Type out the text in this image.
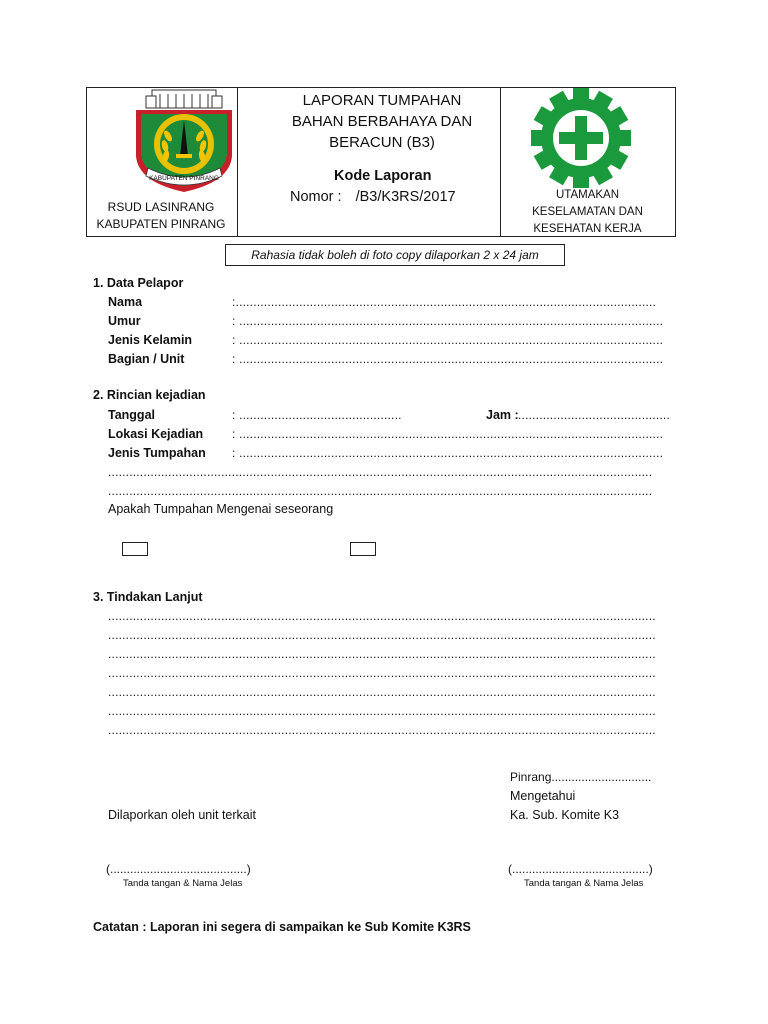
KABUPATEN PINRANG
RSUD LASINRANG
KABUPATEN PINRANG
LAPORAN TUMPAHAN
BAHAN BERBAHAYA DAN
BERACUN (B3)
Kode Laporan
Nomor : /B3/K3RS/2017	UTAMAKAN
KESELAMATAN DAN
KESEHATAN KERJA
Rahasia tidak boleh di foto copy dilaporkan 2 x 24 jam
1. Data Pelapor
Nama	:.......................................................................................................................
Umur	: ........................................................................................................................
Jenis Kelamin	: ........................................................................................................................
Bagian / Unit	: ........................................................................................................................
2. Rincian kejadian
Tanggal	: ..............................................	Jam : ...........................................
Lokasi Kejadian : ........................................................................................................................
Jenis Tumpahan : ........................................................................................................................
..........................................................................................................................................................
..........................................................................................................................................................
Apakah Tumpahan Mengenai seseorang
3. Tindakan Lanjut
...........................................................................................................................................................
...........................................................................................................................................................
...........................................................................................................................................................
...........................................................................................................................................................
...........................................................................................................................................................
...........................................................................................................................................................
...........................................................................................................................................................
Pinrang..............................
Mengetahui
Dilaporkan oleh unit terkait	Ka. Sub. Komite K3
(.........................................)
Tanda tangan & Nama Jelas
(.........................................)
Tanda tangan & Nama Jelas
Catatan : Laporan ini segera di sampaikan ke Sub Komite K3RS
